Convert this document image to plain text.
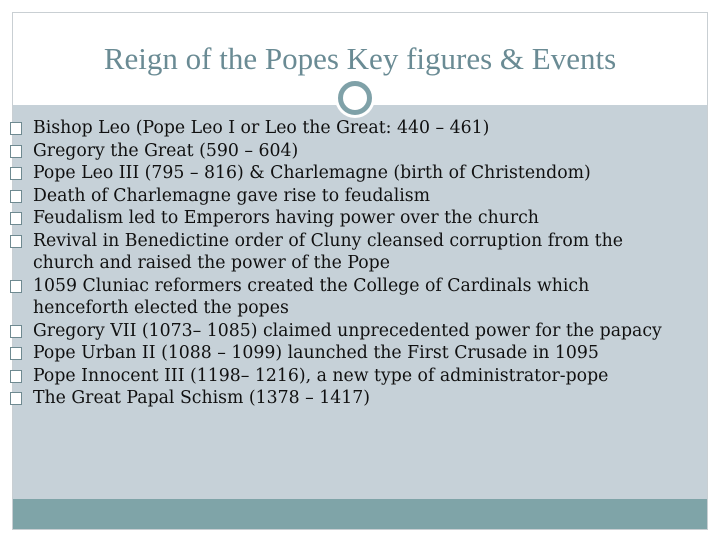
Reign of the Popes Key figures & Events
Bishop Leo (Pope Leo I or Leo the Great: 440 – 461)
Gregory the Great (590 – 604)
Pope Leo III (795 – 816) & Charlemagne (birth of Christendom)
Death of Charlemagne gave rise to feudalism
Feudalism led to Emperors having power over the church
Revival in Benedictine order of Cluny cleansed corruption from the church and raised the power of the Pope
1059 Cluniac reformers created the College of Cardinals which henceforth elected the popes
Gregory VII (1073– 1085) claimed unprecedented power for the papacy
Pope Urban II (1088 – 1099) launched the First Crusade in 1095
Pope Innocent III (1198– 1216), a new type of administrator-pope
The Great Papal Schism (1378 – 1417)
